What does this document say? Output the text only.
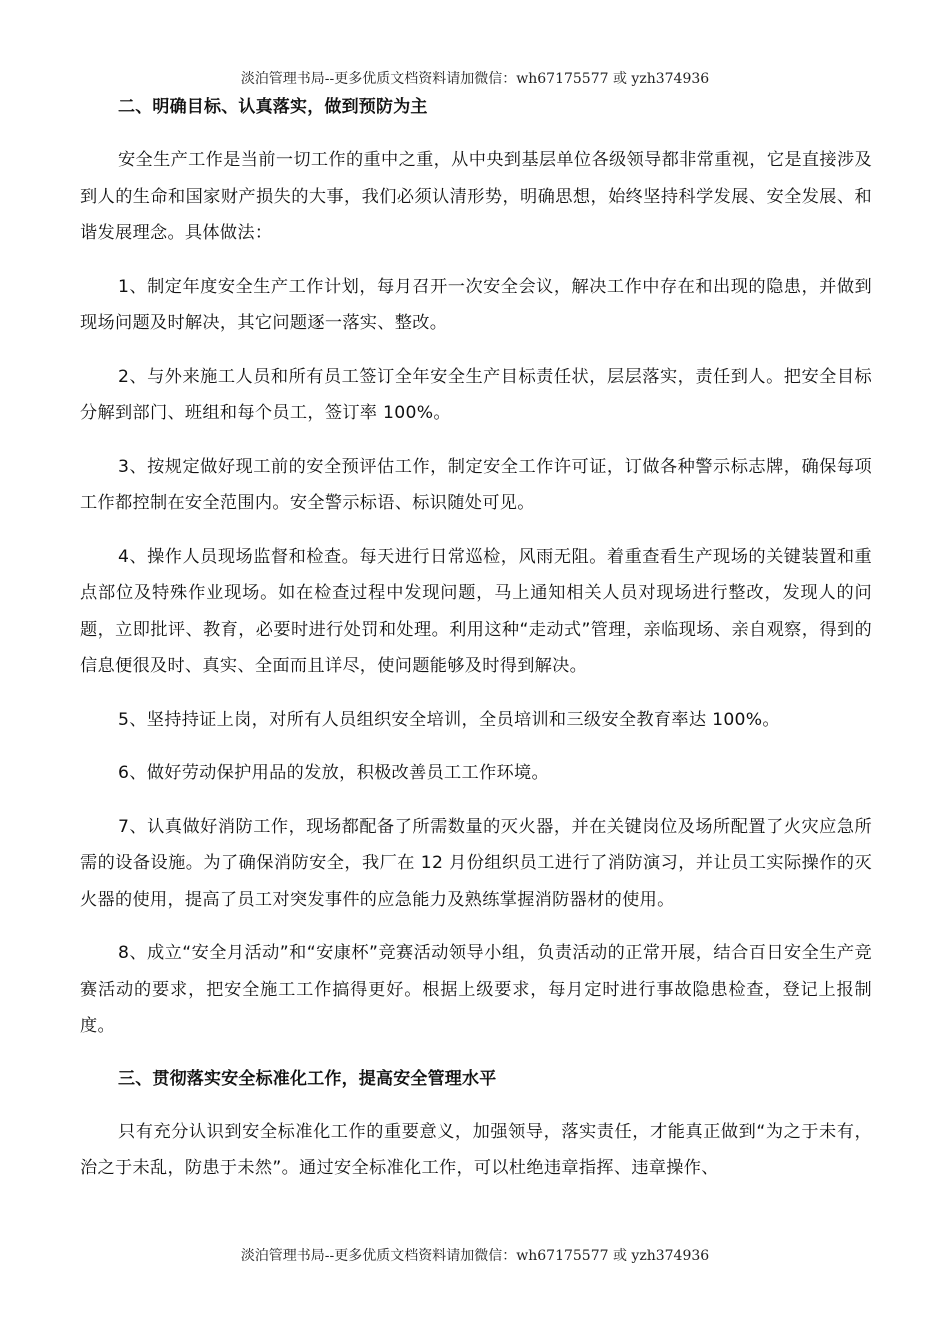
淡泊管理书局--更多优质文档资料请加微信：wh67175577 或 yzh374936
二、明确目标、认真落实，做到预防为主

安全生产工作是当前一切工作的重中之重，从中央到基层单位各级领导都非常重视，它是直接涉及到人的生命和国家财产损失的大事，我们必须认清形势，明确思想，始终坚持科学发展、安全发展、和谐发展理念。具体做法：

1、制定年度安全生产工作计划，每月召开一次安全会议，解决工作中存在和出现的隐患，并做到现场问题及时解决，其它问题逐一落实、整改。

2、与外来施工人员和所有员工签订全年安全生产目标责任状，层层落实，责任到人。把安全目标分解到部门、班组和每个员工，签订率 100%。

3、按规定做好现工前的安全预评估工作，制定安全工作许可证，订做各种警示标志牌，确保每项工作都控制在安全范围内。安全警示标语、标识随处可见。

4、操作人员现场监督和检查。每天进行日常巡检，风雨无阻。着重查看生产现场的关键装置和重点部位及特殊作业现场。如在检查过程中发现问题，马上通知相关人员对现场进行整改，发现人的问题，立即批评、教育，必要时进行处罚和处理。利用这种“走动式”管理，亲临现场、亲自观察，得到的信息便很及时、真实、全面而且详尽，使问题能够及时得到解决。

5、坚持持证上岗，对所有人员组织安全培训，全员培训和三级安全教育率达 100%。

6、做好劳动保护用品的发放，积极改善员工工作环境。

7、认真做好消防工作，现场都配备了所需数量的灭火器，并在关键岗位及场所配置了火灾应急所需的设备设施。为了确保消防安全，我厂在 12 月份组织员工进行了消防演习，并让员工实际操作的灭火器的使用，提高了员工对突发事件的应急能力及熟练掌握消防器材的使用。

8、成立“安全月活动”和“安康杯”竞赛活动领导小组，负责活动的正常开展，结合百日安全生产竞赛活动的要求，把安全施工工作搞得更好。根据上级要求，每月定时进行事故隐患检查，登记上报制度。

三、贯彻落实安全标准化工作，提高安全管理水平

只有充分认识到安全标准化工作的重要意义，加强领导，落实责任，才能真正做到“为之于未有，治之于未乱，防患于未然”。通过安全标准化工作，可以杜绝违章指挥、违章操作、

淡泊管理书局--更多优质文档资料请加微信：wh67175577 或 yzh374936
